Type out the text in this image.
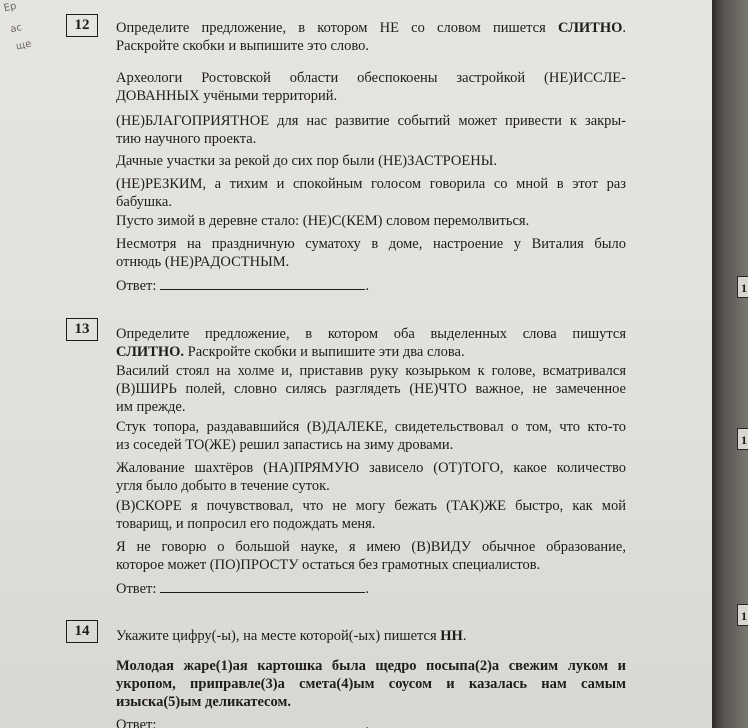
Ер
ас
ще
12	Определите предложение, в котором НЕ со словом пишется СЛИТНО.
Раскройте скобки и выпишите это слово.
Археологи Ростовской области обеспокоены застройкой (НЕ)ИССЛЕ-
ДОВАННЫХ учёными территорий.
(НЕ)БЛАГОПРИЯТНОЕ для нас развитие событий может привести к закры-
тию научного проекта.
Дачные участки за рекой до сих пор были (НЕ)ЗАСТРОЕНЫ.
(НЕ)РЕЗКИМ, а тихим и спокойным голосом говорила со мной в этот раз
бабушка.
Пусто зимой в деревне стало: (НЕ)С(КЕМ) словом перемолвиться.
Несмотря на праздничную суматоху в доме, настроение у Виталия было
отнюдь (НЕ)РАДОСТНЫМ.
Ответ:	.
13	Определите предложение, в котором оба выделенных слова пишутся
СЛИТНО. Раскройте скобки и выпишите эти два слова.
Василий стоял на холме и, приставив руку козырьком к голове, всматривался
(В)ШИРЬ полей, словно силясь разглядеть (НЕ)ЧТО важное, не замеченное
им прежде.
Стук топора, раздававшийся (В)ДАЛЕКЕ, свидетельствовал о том, что кто-то
из соседей ТО(ЖЕ) решил запастись на зиму дровами.
Жалование шахтёров (НА)ПРЯМУЮ зависело (ОТ)ТОГО, какое количество
угля было добыто в течение суток.
(В)СКОРЕ я почувствовал, что не могу бежать (ТАК)ЖЕ быстро, как мой
товарищ, и попросил его подождать меня.
Я не говорю о большой науке, я имею (В)ВИДУ обычное образование,
которое может (ПО)ПРОСТУ остаться без грамотных специалистов.
Ответ:	.
14	Укажите цифру(-ы), на месте которой(-ых) пишется НН.
Молодая жаре(1)ая картошка была щедро посыпа(2)а свежим луком и
укропом, приправле(3)а смета(4)ым соусом и казалась нам самым
изыска(5)ым деликатесом.
Ответ:	.
1
1
1
